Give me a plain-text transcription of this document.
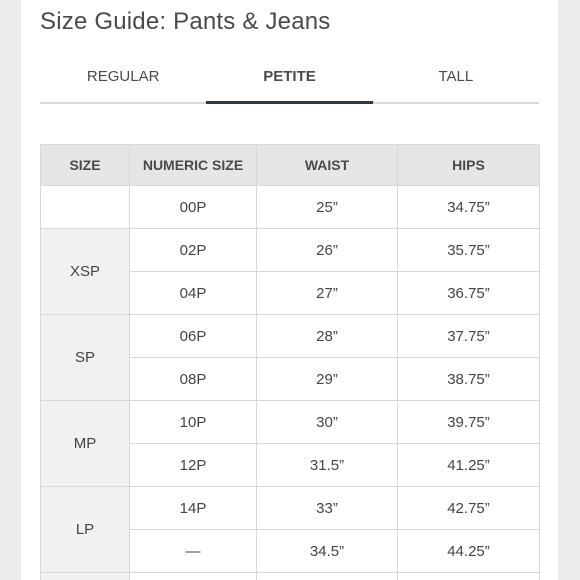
Size Guide: Pants & Jeans
REGULAR	PETITE	TALL
SIZE	NUMERIC SIZE	WAIST	HIPS
	00P	25”	34.75”
XSP	02P	26”	35.75”
	04P	27”	36.75”
SP	06P	28”	37.75”
	08P	29”	38.75”
MP	10P	30”	39.75”
	12P	31.5”	41.25”
LP	14P	33”	42.75”
	—	34.5”	44.25”
